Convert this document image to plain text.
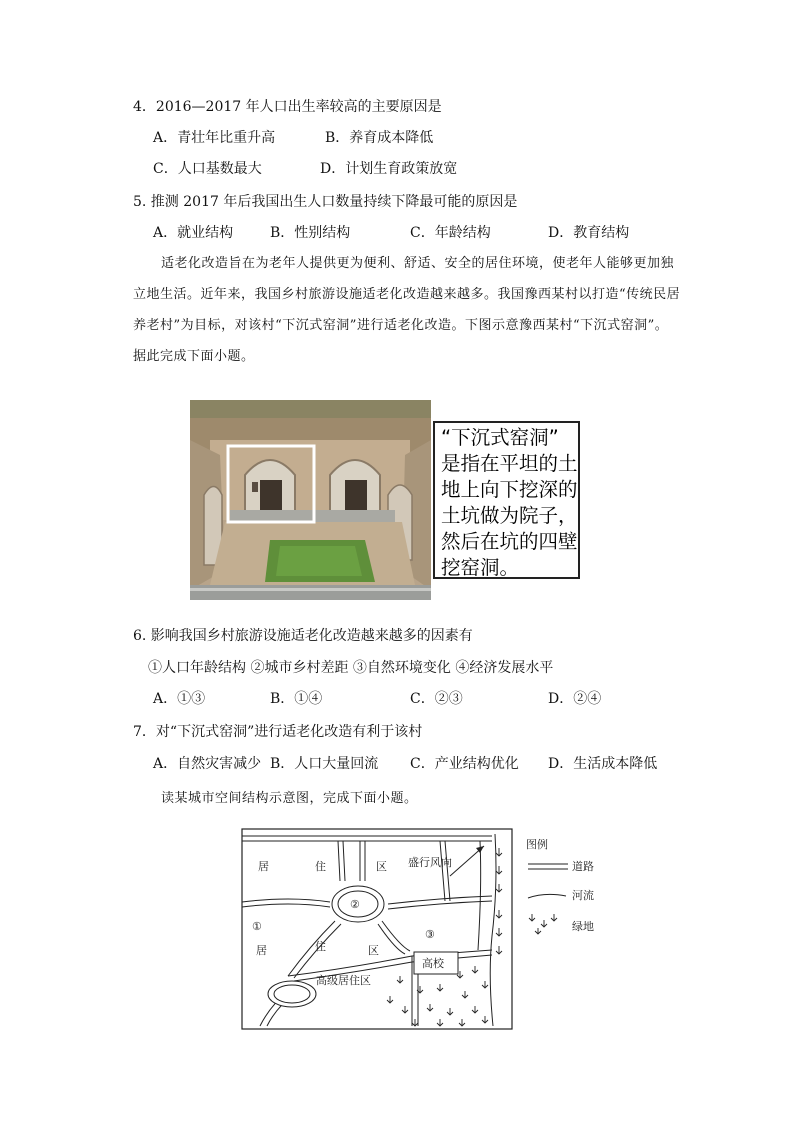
4．2016—2017 年人口出生率较高的主要原因是
A．青壮年比重升高	B．养育成本降低
C．人口基数最大	D．计划生育政策放宽
5. 推测 2017 年后我国出生人口数量持续下降最可能的原因是
A．就业结构	B．性别结构	C．年龄结构	D．教育结构
适老化改造旨在为老年人提供更为便利、舒适、安全的居住环境，使老年人能够更加独
立地生活。近年来，我国乡村旅游设施适老化改造越来越多。我国豫西某村以打造“传统民居
养老村”为目标，对该村“下沉式窑洞”进行适老化改造。下图示意豫西某村“下沉式窑洞”。
据此完成下面小题。
“下沉式窑洞”
是指在平坦的土
地上向下挖深的
土坑做为院子，
然后在坑的四壁
挖窑洞。
6. 影响我国乡村旅游设施适老化改造越来越多的因素有
①人口年龄结构 ②城市乡村差距 ③自然环境变化 ④经济发展水平
A．①③	B．①④	C．②③	D．②④
7．对“下沉式窑洞”进行适老化改造有利于该村
A．自然灾害减少 B．人口大量回流 C．产业结构优化 D．生活成本降低
读某城市空间结构示意图，完成下面小题。
居	住	区 盛行风向
②
①
③
居	住	区
高校
高级居住区
图例
道路
河流
绿地
